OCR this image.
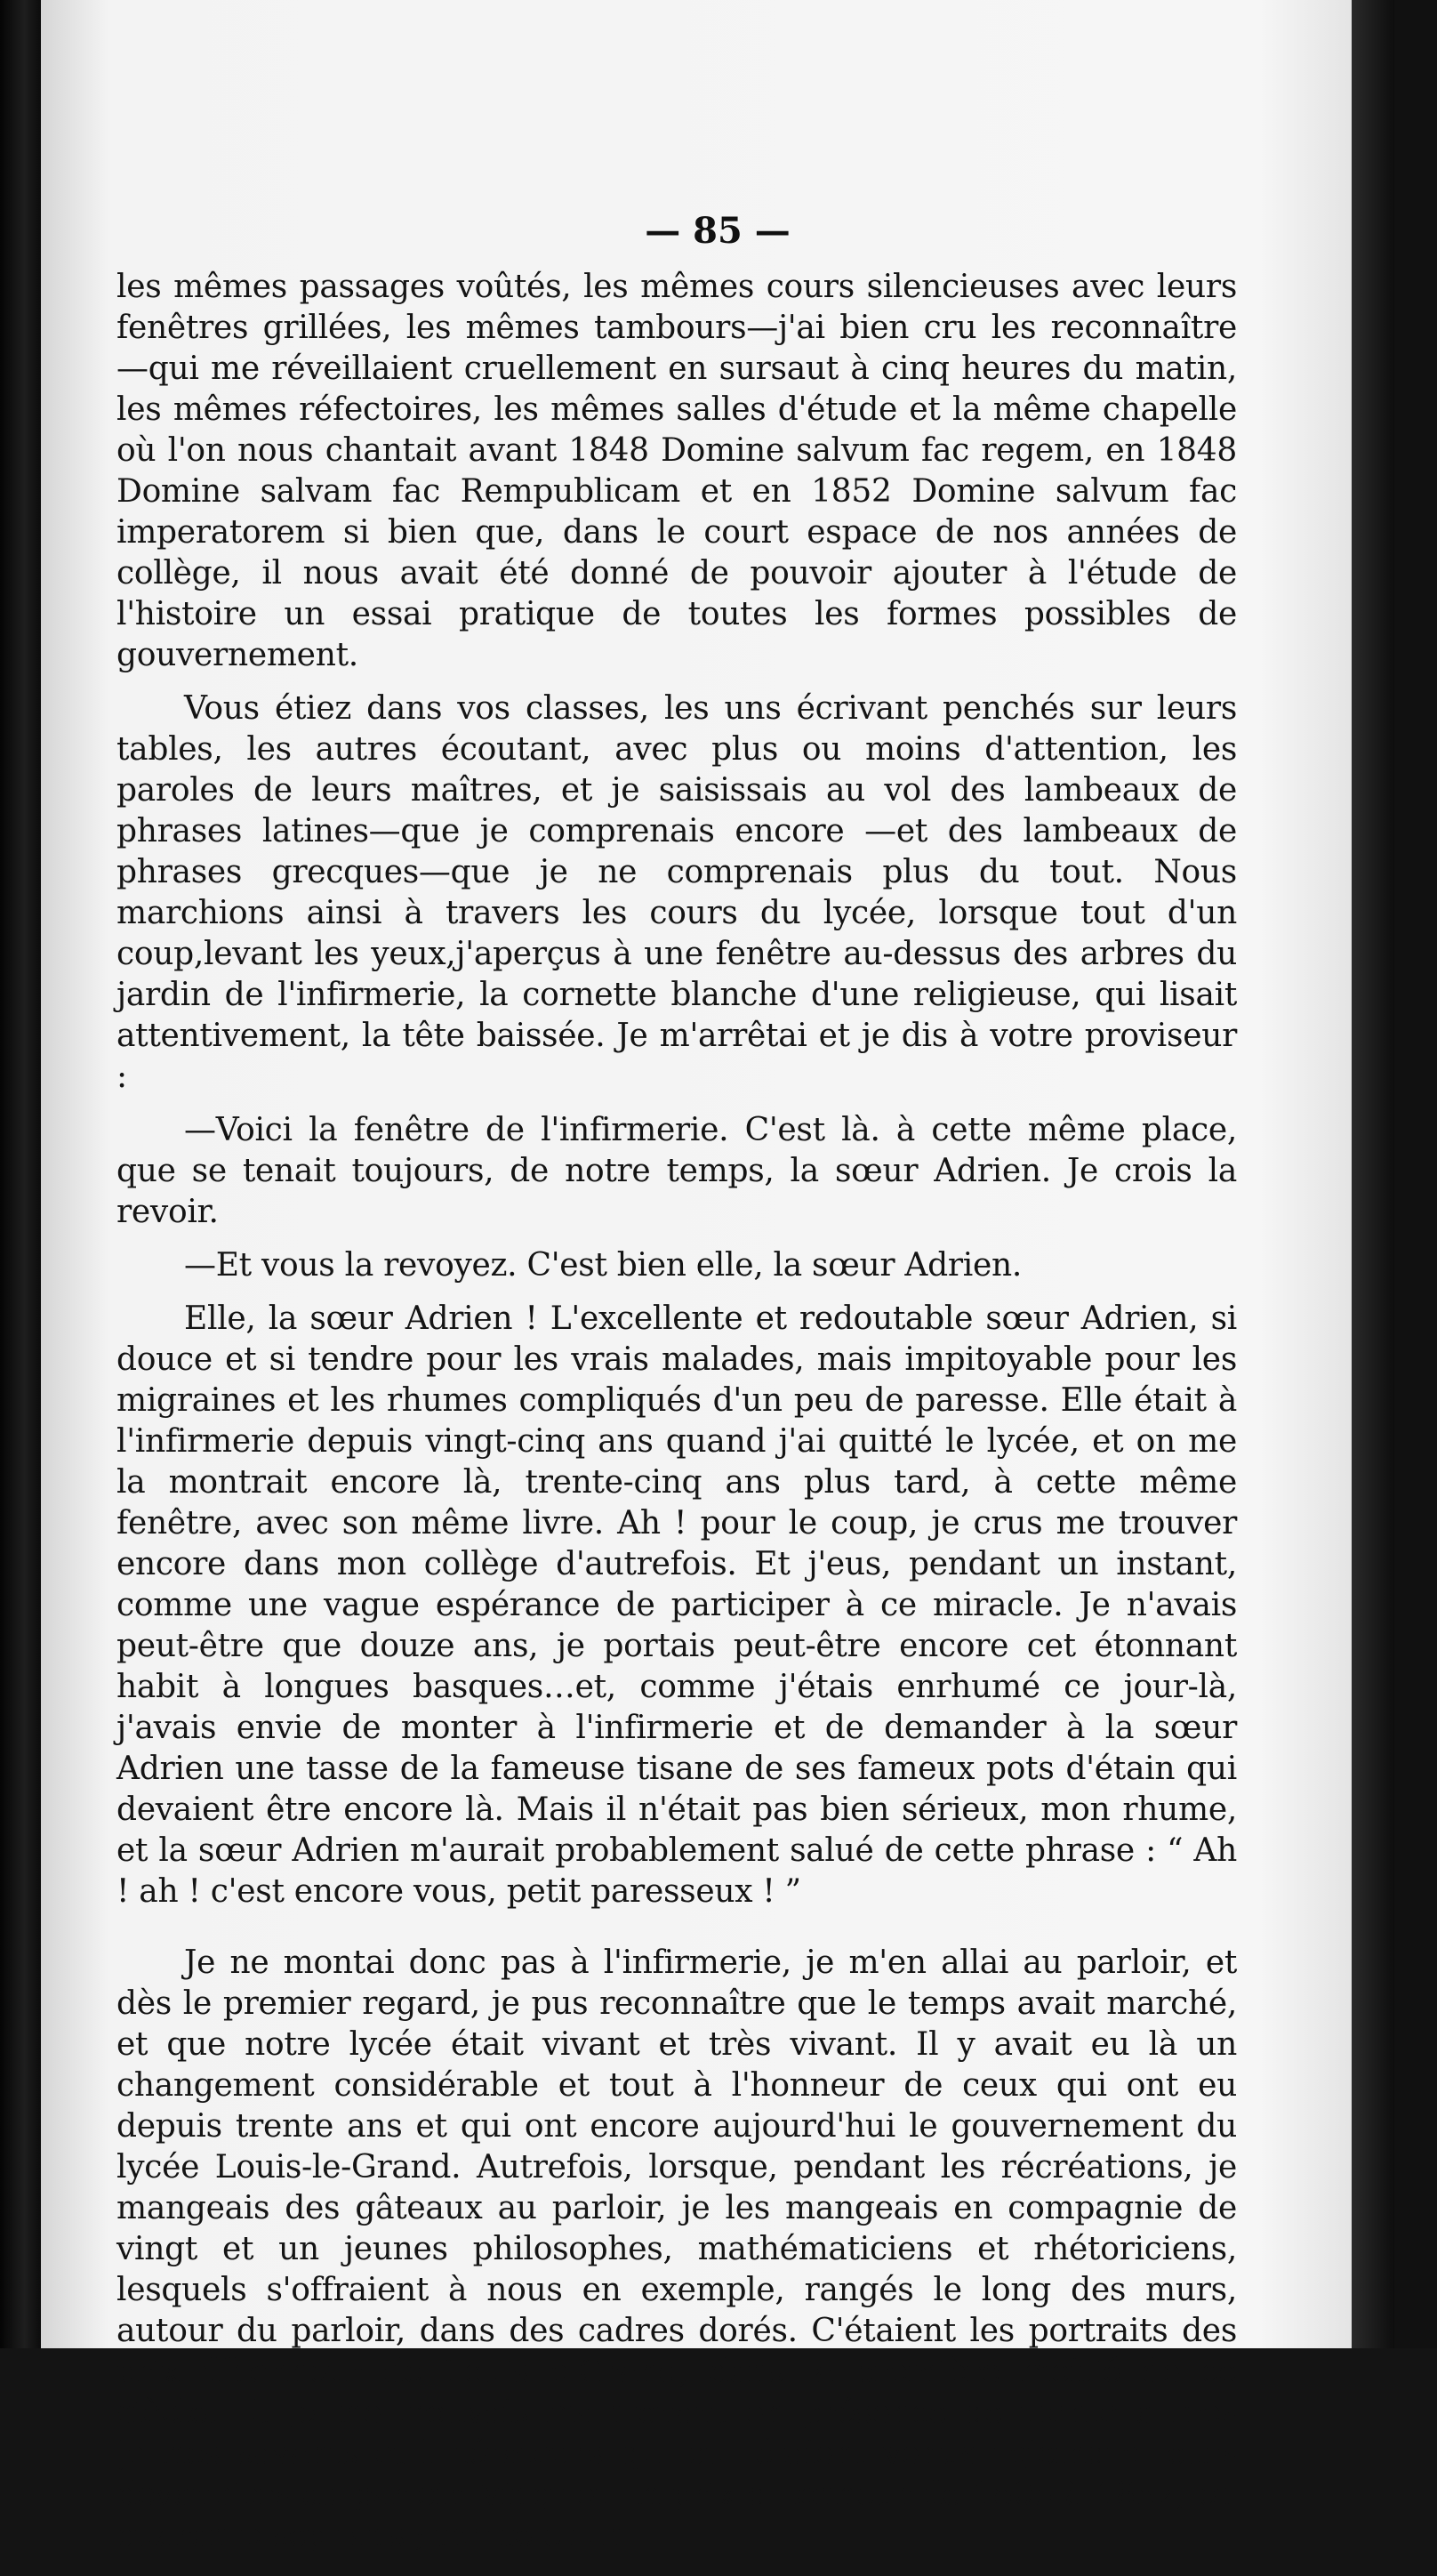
— 85 —

les mêmes passages voûtés, les mêmes cours silencieuses avec leurs fenêtres grillées, les mêmes tambours—j'ai bien cru les reconnaître —qui me réveillaient cruellement en sursaut à cinq heures du matin, les mêmes réfectoires, les mêmes salles d'étude et la même chapelle où l'on nous chantait avant 1848 Domine salvum fac regem, en 1848 Domine salvam fac Rempublicam et en 1852 Domine salvum fac imperatorem si bien que, dans le court espace de nos années de collège, il nous avait été donné de pouvoir ajouter à l'étude de l'histoire un essai pratique de toutes les formes possibles de gouvernement.

Vous étiez dans vos classes, les uns écrivant penchés sur leurs tables, les autres écoutant, avec plus ou moins d'attention, les paroles de leurs maîtres, et je saisissais au vol des lambeaux de phrases latines—que je comprenais encore —et des lambeaux de phrases grecques—que je ne comprenais plus du tout. Nous marchions ainsi à travers les cours du lycée, lorsque tout d'un coup,levant les yeux,j'aperçus à une fenêtre au-dessus des arbres du jardin de l'infirmerie, la cornette blanche d'une religieuse, qui lisait attentivement, la tête baissée. Je m'arrêtai et je dis à votre proviseur :

—Voici la fenêtre de l'infirmerie. C'est là. à cette même place, que se tenait toujours, de notre temps, la sœur Adrien. Je crois la revoir.

—Et vous la revoyez. C'est bien elle, la sœur Adrien.

Elle, la sœur Adrien ! L'excellente et redoutable sœur Adrien, si douce et si tendre pour les vrais malades, mais impitoyable pour les migraines et les rhumes compliqués d'un peu de paresse. Elle était à l'infirmerie depuis vingt-cinq ans quand j'ai quitté le lycée, et on me la montrait encore là, trente-cinq ans plus tard, à cette même fenêtre, avec son même livre. Ah ! pour le coup, je crus me trouver encore dans mon collège d'autrefois. Et j'eus, pendant un instant, comme une vague espérance de participer à ce miracle. Je n'avais peut-être que douze ans, je portais peut-être encore cet étonnant habit à longues basques…et, comme j'étais enrhumé ce jour-là, j'avais envie de monter à l'infirmerie et de demander à la sœur Adrien une tasse de la fameuse tisane de ses fameux pots d'étain qui devaient être encore là. Mais il n'était pas bien sérieux, mon rhume, et la sœur Adrien m'aurait probablement salué de cette phrase : “ Ah ! ah ! c'est encore vous, petit paresseux ! ”

Je ne montai donc pas à l'infirmerie, je m'en allai au parloir, et dès le premier regard, je pus reconnaître que le temps avait marché, et que notre lycée était vivant et très vivant. Il y avait eu là un changement considérable et tout à l'honneur de ceux qui ont eu depuis trente ans et qui ont encore aujourd'hui le gouvernement du lycée Louis-le-Grand. Autrefois, lorsque, pendant les récréations, je mangeais des gâteaux au parloir, je les mangeais en compagnie de vingt et un jeunes philosophes, mathématiciens et rhétoriciens, lesquels s'offraient à nous en exemple, rangés le long des murs, autour du parloir, dans des cadres dorés. C'étaient les portraits des prix d'honneur de Louis-le-Grand, dans la première moitié de ce siècle. Et je me trouvais maintenant en présence de trente autres jeunes savants et littérateurs qui qui étaient venus rejoindre leurs devanciers au parloir. Vingt et un prix d'honneur de 1805 à 1852, en quarante-sept ans ; trente et un
